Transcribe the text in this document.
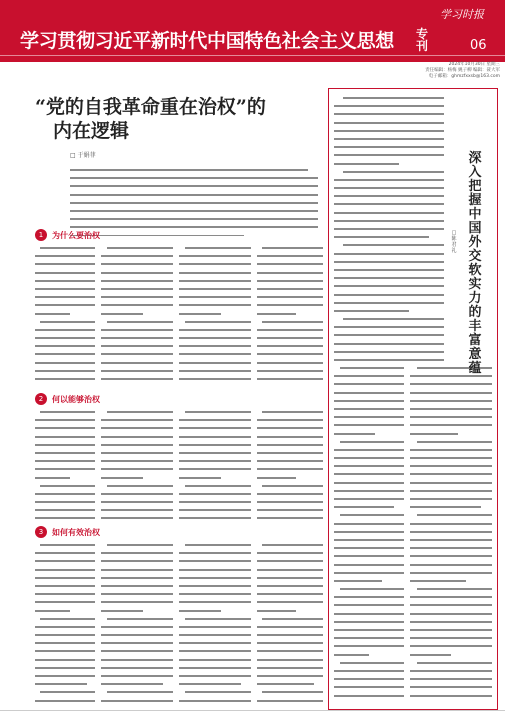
学习时报
学习贯彻习近平新时代中国特色社会主义思想 专刊	06
2024年10月30日 星期三
责任编辑：杨梅 姚子柳 编辑：聂大军
电子邮箱：ghmzfxxsb@163.com
“党的自我革命重在治权”的
内在逻辑
□ 于娟菲
1	为什么要治权
2	何以能够治权
3	如何有效治权
深入把握中国外交软实力的丰富意蕴
□ 陈君礼
